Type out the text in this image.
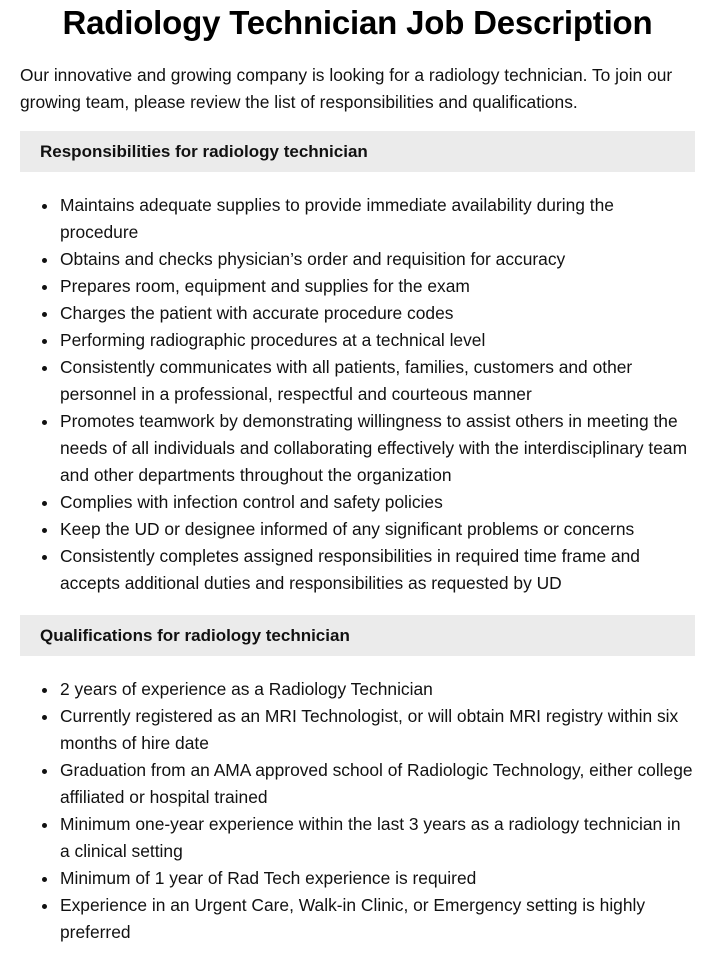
Radiology Technician Job Description

Our innovative and growing company is looking for a radiology technician. To join our growing team, please review the list of responsibilities and qualifications.

Responsibilities for radiology technician
Maintains adequate supplies to provide immediate availability during the procedure
Obtains and checks physician’s order and requisition for accuracy
Prepares room, equipment and supplies for the exam
Charges the patient with accurate procedure codes
Performing radiographic procedures at a technical level
Consistently communicates with all patients, families, customers and other personnel in a professional, respectful and courteous manner
Promotes teamwork by demonstrating willingness to assist others in meeting the needs of all individuals and collaborating effectively with the interdisciplinary team and other departments throughout the organization
Complies with infection control and safety policies
Keep the UD or designee informed of any significant problems or concerns
Consistently completes assigned responsibilities in required time frame and accepts additional duties and responsibilities as requested by UD
Qualifications for radiology technician
2 years of experience as a Radiology Technician
Currently registered as an MRI Technologist, or will obtain MRI registry within six months of hire date
Graduation from an AMA approved school of Radiologic Technology, either college affiliated or hospital trained
Minimum one-year experience within the last 3 years as a radiology technician in a clinical setting
Minimum of 1 year of Rad Tech experience is required
Experience in an Urgent Care, Walk-in Clinic, or Emergency setting is highly preferred
